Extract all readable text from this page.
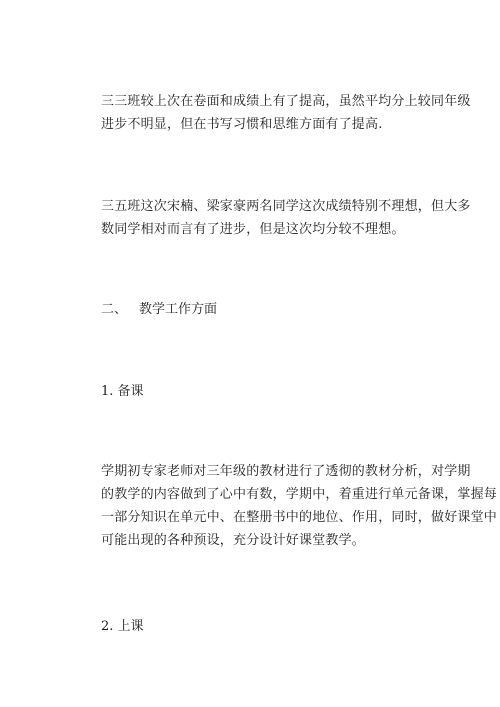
三三班较上次在卷面和成绩上有了提高，虽然平均分上较同年级
进步不明显，但在书写习惯和思维方面有了提高.

三五班这次宋楠、梁家豪两名同学这次成绩特别不理想，但大多
数同学相对而言有了进步，但是这次均分较不理想。

二、 教学工作方面

1. 备课

学期初专家老师对三年级的教材进行了透彻的教材分析，对学期
的教学的内容做到了心中有数，学期中，着重进行单元备课，掌握每
一部分知识在单元中、在整册书中的地位、作用，同时，做好课堂中
可能出现的各种预设，充分设计好课堂教学。

2. 上课
